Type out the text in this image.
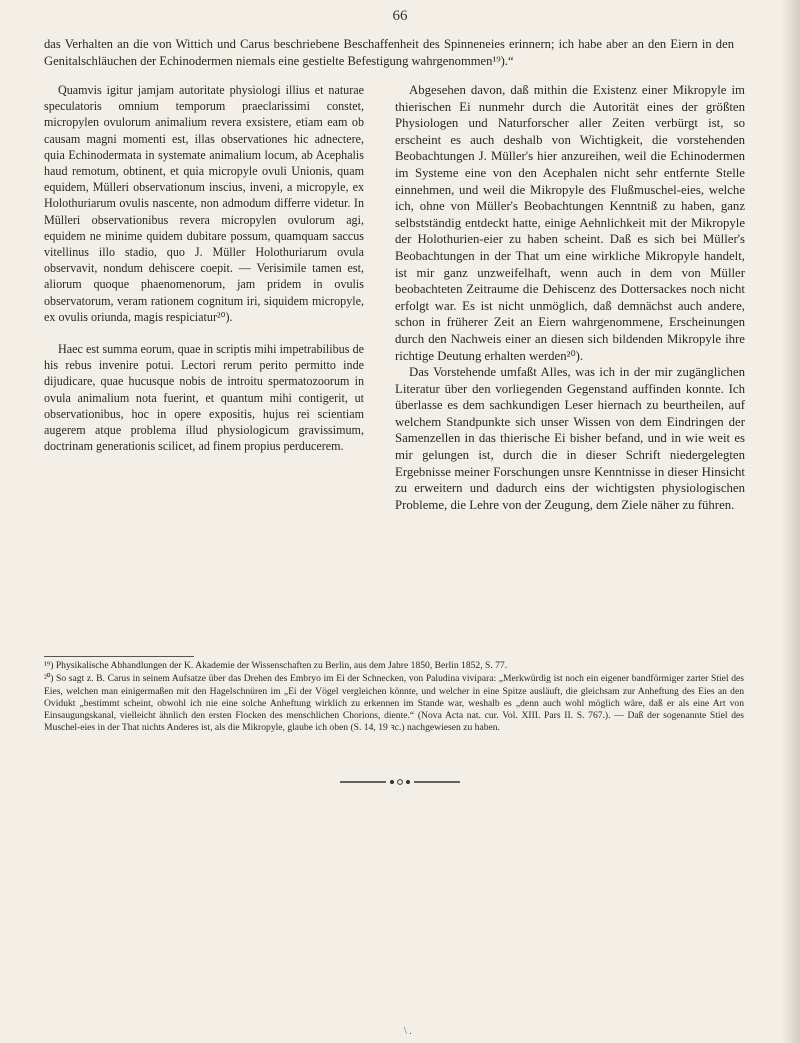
66
das Verhalten an die von Wittich und Carus beschriebene Beschaffenheit des Spinneneies erinnern; ich habe aber an den Eiern in den Genitalschläuchen der Echinodermen niemals eine gestielte Befestigung wahrgenommen¹⁹).“

Quamvis igitur jamjam autoritate physiologi illius et naturae speculatoris omnium temporum praeclarissimi constet, micropylen ovulorum animalium revera exsistere, etiam eam ob causam magni momenti est, illas observationes hic adnectere, quia Echinodermata in systemate animalium locum, ab Acephalis haud remotum, obtinent, et quia micropyle ovuli Unionis, quam equidem, Mülleri observationum inscius, inveni, a micropyle, ex Holothuriarum ovulis nascente, non admodum differre videtur. In Mülleri observationibus revera micropylen ovulorum agi, equidem ne minime quidem dubitare possum, quamquam saccus vitellinus illo stadio, quo J. Müller Holothuriarum ovula observavit, nondum dehiscere coepit. — Verisimile tamen est, aliorum quoque phaenomenorum, jam pridem in ovulis observatorum, veram rationem cognitum iri, siquidem micropyle, ex ovulis oriunda, magis respiciatur²⁰).

Haec est summa eorum, quae in scriptis mihi impetrabilibus de his rebus invenire potui. Lectori rerum perito permitto inde dijudicare, quae hucusque nobis de introitu spermatozoorum in ovula animalium nota fuerint, et quantum mihi contigerit, ut observationibus, hoc in opere expositis, hujus rei scientiam augerem atque problema illud physiologicum gravissimum, doctrinam generationis scilicet, ad finem propius perducerem.

Abgesehen davon, daß mithin die Existenz einer Mikropyle im thierischen Ei nunmehr durch die Autorität eines der größten Physiologen und Naturforscher aller Zeiten verbürgt ist, so erscheint es auch deshalb von Wichtigkeit, die vorstehenden Beobachtungen J. Müller's hier anzureihen, weil die Echinodermen im Systeme eine von den Acephalen nicht sehr entfernte Stelle einnehmen, und weil die Mikropyle des Flußmuschel-eies, welche ich, ohne von Müller's Beobachtungen Kenntniß zu haben, ganz selbstständig entdeckt hatte, einige Aehnlichkeit mit der Mikropyle der Holothurien-eier zu haben scheint. Daß es sich bei Müller's Beobachtungen in der That um eine wirkliche Mikropyle handelt, ist mir ganz unzweifelhaft, wenn auch in dem von Müller beobachteten Zeitraume die Dehiscenz des Dottersackes noch nicht erfolgt war. Es ist nicht unmöglich, daß demnächst auch andere, schon in früherer Zeit an Eiern wahrgenommene, Erscheinungen durch den Nachweis einer an diesen sich bildenden Mikropyle ihre richtige Deutung erhalten werden²⁰).

Das Vorstehende umfaßt Alles, was ich in der mir zugänglichen Literatur über den vorliegenden Gegenstand auffinden konnte. Ich überlasse es dem sachkundigen Leser hiernach zu beurtheilen, auf welchem Standpunkte sich unser Wissen von dem Eindringen der Samenzellen in das thierische Ei bisher befand, und in wie weit es mir gelungen ist, durch die in dieser Schrift niedergelegten Ergebnisse meiner Forschungen unsre Kenntnisse in dieser Hinsicht zu erweitern und dadurch eins der wichtigsten physiologischen Probleme, die Lehre von der Zeugung, dem Ziele näher zu führen.

¹⁹) Physikalische Abhandlungen der K. Akademie der Wissenschaften zu Berlin, aus dem Jahre 1850, Berlin 1852, S. 77.

²⁰) So sagt z. B. Carus in seinem Aufsatze über das Drehen des Embryo im Ei der Schnecken, von Paludina vivipara: „Merkwürdig ist noch ein eigener bandförmiger zarter Stiel des Eies, welchen man einigermaßen mit den Hagelschnüren im „Ei der Vögel vergleichen könnte, und welcher in eine Spitze ausläuft, die gleichsam zur Anheftung des Eies an den Ovidukt „bestimmt scheint, obwohl ich nie eine solche Anheftung wirklich zu erkennen im Stande war, weshalb es „denn auch wohl möglich wäre, daß er als eine Art von Einsaugungskanal, vielleicht ähnlich den ersten Flocken des menschlichen Chorions, diente.“ (Nova Acta nat. cur. Vol. XIII. Pars II. S. 767.). — Daß der sogenannte Stiel des Muschel-eies in der That nichts Anderes ist, als die Mikropyle, glaube ich oben (S. 14, 19 ꝛc.) nachgewiesen zu haben.

\ .
